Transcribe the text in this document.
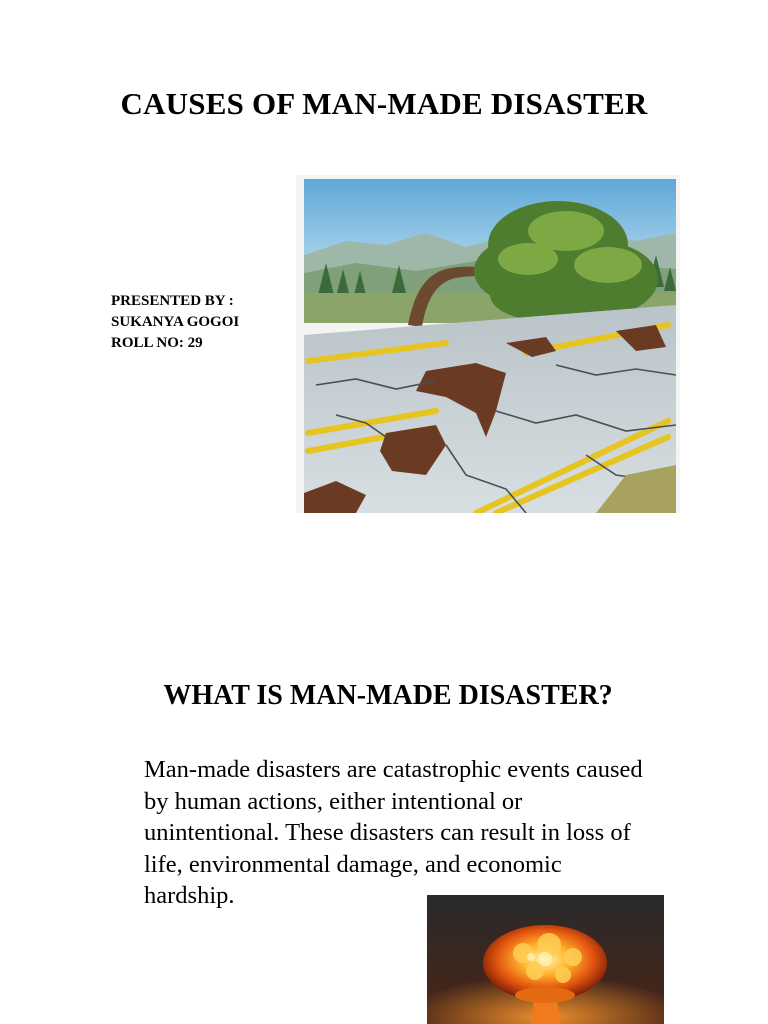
CAUSES OF MAN-MADE DISASTER
PRESENTED BY :
SUKANYA GOGOI
ROLL NO: 29
WHAT IS MAN-MADE DISASTER?

Man-made disasters are catastrophic events caused by human actions, either intentional or unintentional. These disasters can result in loss of life, environmental damage, and economic hardship.
